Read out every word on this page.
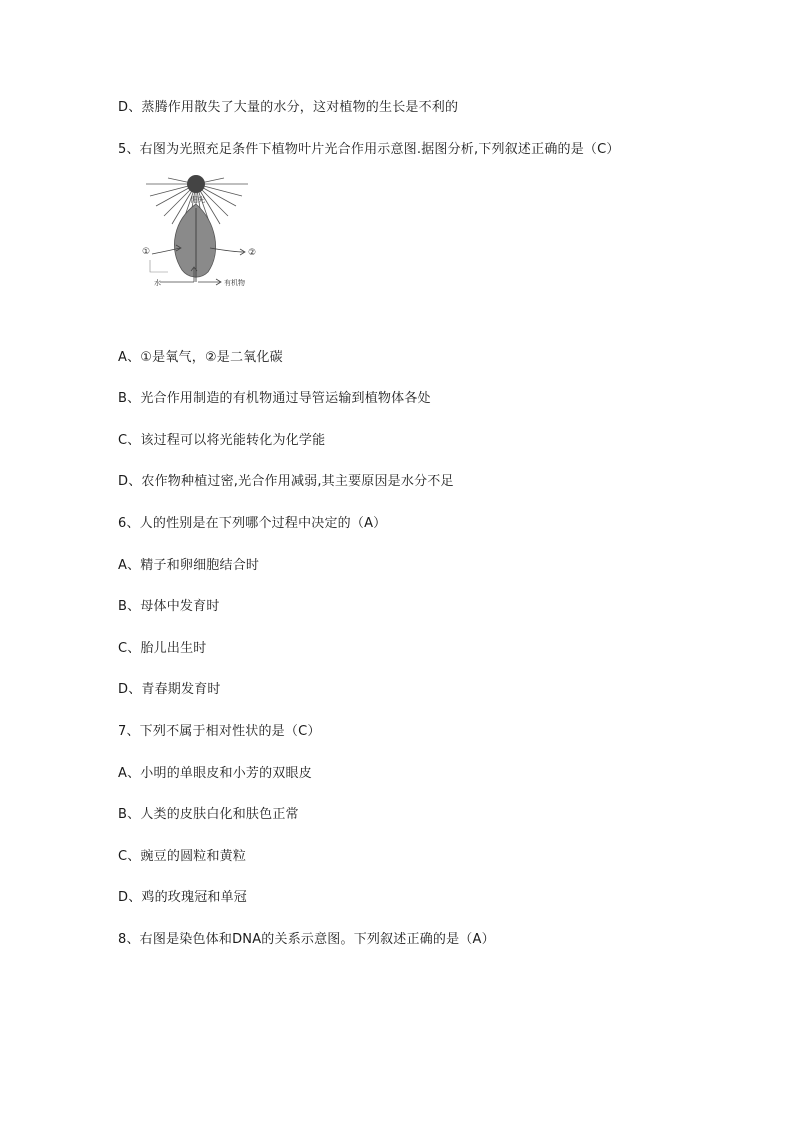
D、蒸腾作用散失了大量的水分，这对植物的生长是不利的
5、右图为光照充足条件下植物叶片光合作用示意图.据图分析,下列叙述正确的是（C）
阳光
①	②
水	有机物
A、①是氧气，②是二氧化碳
B、光合作用制造的有机物通过导管运输到植物体各处
C、该过程可以将光能转化为化学能
D、农作物种植过密,光合作用减弱,其主要原因是水分不足
6、人的性别是在下列哪个过程中决定的（A）
A、精子和卵细胞结合时
B、母体中发育时
C、胎儿出生时
D、青春期发育时
7、下列不属于相对性状的是（C）
A、小明的单眼皮和小芳的双眼皮
B、人类的皮肤白化和肤色正常
C、豌豆的圆粒和黄粒
D、鸡的玫瑰冠和单冠
8、右图是染色体和DNA的关系示意图。下列叙述正确的是（A）
